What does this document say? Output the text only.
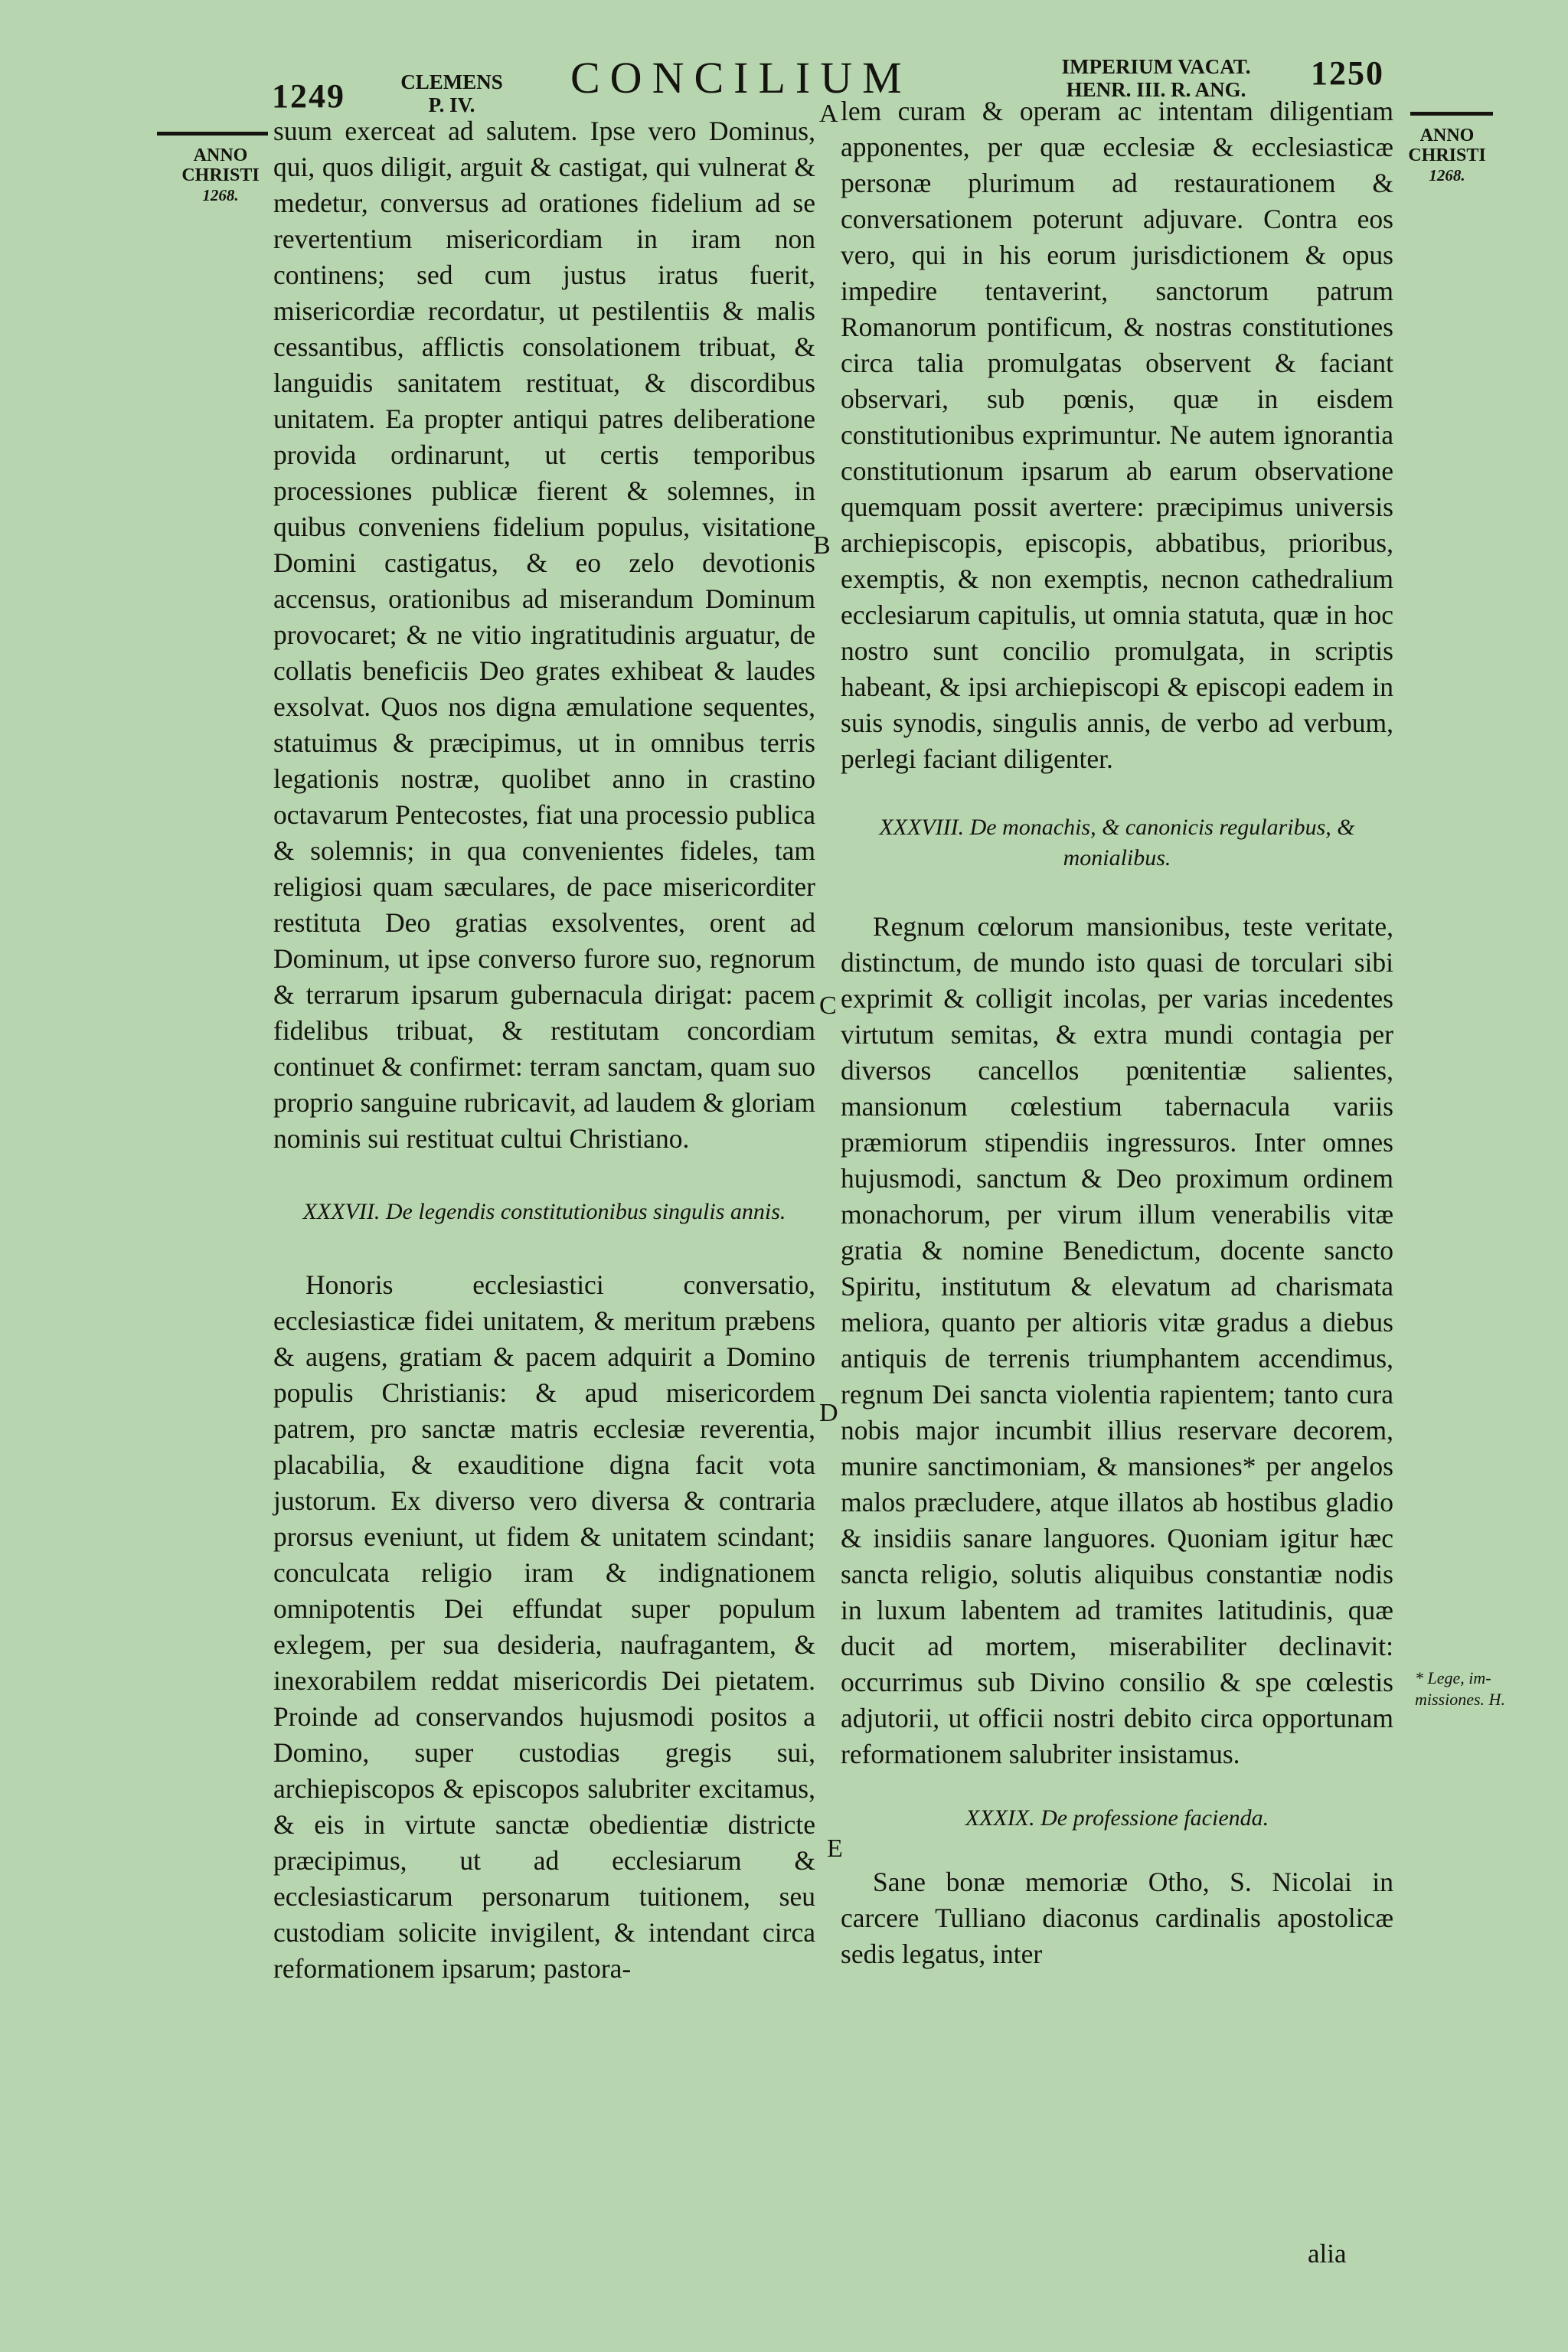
1249	CLEMENS
P. IV.
CONCILIUM	IMPERIUM VACAT.
HENR. III. R. ANG.	1250
ANNO
CHRISTI
1268.
ANNO
CHRISTI
1268.
A
B
C
D
E
* Lege, im-
missiones. H.

suum exerceat ad salutem. Ipse vero Dominus, qui, quos diligit, arguit & castigat, qui vulnerat & medetur, conversus ad orationes fidelium ad se revertentium misericordiam in iram non continens; sed cum justus iratus fuerit, misericordiæ recordatur, ut pestilentiis & malis cessantibus, afflictis consolationem tribuat, & languidis sanitatem restituat, & discordibus unitatem. Ea propter antiqui patres deliberatione provida ordinarunt, ut certis temporibus processiones publicæ fierent & solemnes, in quibus conveniens fidelium populus, visitatione Domini castigatus, & eo zelo devotionis accensus, orationibus ad miserandum Dominum provocaret; & ne vitio ingratitudinis arguatur, de collatis beneficiis Deo grates exhibeat & laudes exsolvat. Quos nos digna æmulatione sequentes, statuimus & præcipimus, ut in omnibus terris legationis nostræ, quolibet anno in crastino octavarum Pentecostes, fiat una processio publica & solemnis; in qua convenientes fideles, tam religiosi quam sæculares, de pace misericorditer restituta Deo gratias exsolventes, orent ad Dominum, ut ipse converso furore suo, regnorum & terrarum ipsarum gubernacula dirigat: pacem fidelibus tribuat, & restitutam concordiam continuet & confirmet: terram sanctam, quam suo proprio sanguine rubricavit, ad laudem & gloriam nominis sui restituat cultui Christiano.

XXXVII. De legendis constitutionibus singulis annis.

Honoris ecclesiastici conversatio, ecclesiasticæ fidei unitatem, & meritum præbens & augens, gratiam & pacem adquirit a Domino populis Christianis: & apud misericordem patrem, pro sanctæ matris ecclesiæ reverentia, placabilia, & exauditione digna facit vota justorum. Ex diverso vero diversa & contraria prorsus eveniunt, ut fidem & unitatem scindant; conculcata religio iram & indignationem omnipotentis Dei effundat super populum exlegem, per sua desideria, naufragantem, & inexorabilem reddat misericordis Dei pietatem. Proinde ad conservandos hujusmodi positos a Domino, super custodias gregis sui, archiepiscopos & episcopos salubriter excitamus, & eis in virtute sanctæ obedientiæ districte præcipimus, ut ad ecclesiarum & ecclesiasticarum personarum tuitionem, seu custodiam solicite invigilent, & intendant circa reformationem ipsarum; pastora-

lem curam & operam ac intentam diligentiam apponentes, per quæ ecclesiæ & ecclesiasticæ personæ plurimum ad restaurationem & conversationem poterunt adjuvare. Contra eos vero, qui in his eorum jurisdictionem & opus impedire tentaverint, sanctorum patrum Romanorum pontificum, & nostras constitutiones circa talia promulgatas observent & faciant observari, sub pœnis, quæ in eisdem constitutionibus exprimuntur. Ne autem ignorantia constitutionum ipsarum ab earum observatione quemquam possit avertere: præcipimus universis archiepiscopis, episcopis, abbatibus, prioribus, exemptis, & non exemptis, necnon cathedralium ecclesiarum capitulis, ut omnia statuta, quæ in hoc nostro sunt concilio promulgata, in scriptis habeant, & ipsi archiepiscopi & episcopi eadem in suis synodis, singulis annis, de verbo ad verbum, perlegi faciant diligenter.

XXXVIII. De monachis, & canonicis regularibus, & monialibus.

Regnum cœlorum mansionibus, teste veritate, distinctum, de mundo isto quasi de torculari sibi exprimit & colligit incolas, per varias incedentes virtutum semitas, & extra mundi contagia per diversos cancellos pœnitentiæ salientes, mansionum cœlestium tabernacula variis præmiorum stipendiis ingressuros. Inter omnes hujusmodi, sanctum & Deo proximum ordinem monachorum, per virum illum venerabilis vitæ gratia & nomine Benedictum, docente sancto Spiritu, institutum & elevatum ad charismata meliora, quanto per altioris vitæ gradus a diebus antiquis de terrenis triumphantem accendimus, regnum Dei sancta violentia rapientem; tanto cura nobis major incumbit illius reservare decorem, munire sanctimoniam, & mansiones* per angelos malos præcludere, atque illatos ab hostibus gladio & insidiis sanare languores. Quoniam igitur hæc sancta religio, solutis aliquibus constantiæ nodis in luxum labentem ad tramites latitudinis, quæ ducit ad mortem, miserabiliter declinavit: occurrimus sub Divino consilio & spe cœlestis adjutorii, ut officii nostri debito circa opportunam reformationem salubriter insistamus.

XXXIX. De professione facienda.

Sane bonæ memoriæ Otho, S. Nicolai in carcere Tulliano diaconus cardinalis apostolicæ sedis legatus, inter

alia
